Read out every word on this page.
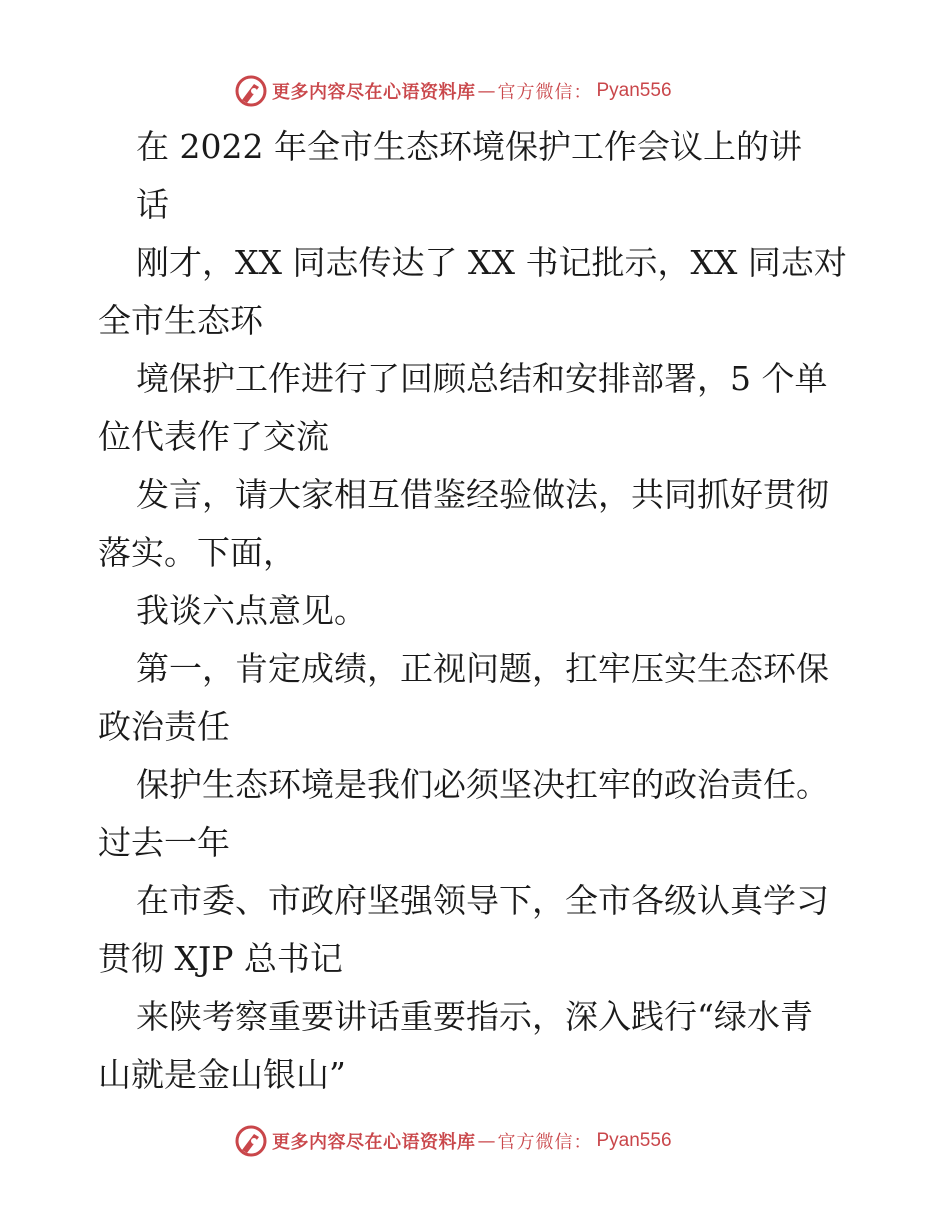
更多内容尽在心语资料库 — 官方微信： Pyan556
在 2022 年全市生态环境保护工作会议上的讲
话
刚才，XX 同志传达了 XX 书记批示，XX 同志对
全市生态环
境保护工作进行了回顾总结和安排部署，5 个单
位代表作了交流
发言，请大家相互借鉴经验做法，共同抓好贯彻
落实。下面，
我谈六点意见。
第一，肯定成绩，正视问题，扛牢压实生态环保
政治责任
保护生态环境是我们必须坚决扛牢的政治责任。
过去一年
在市委、市政府坚强领导下，全市各级认真学习
贯彻 XJP 总书记
来陕考察重要讲话重要指示，深入践行“绿水青
山就是金山银山”
更多内容尽在心语资料库 — 官方微信： Pyan556
